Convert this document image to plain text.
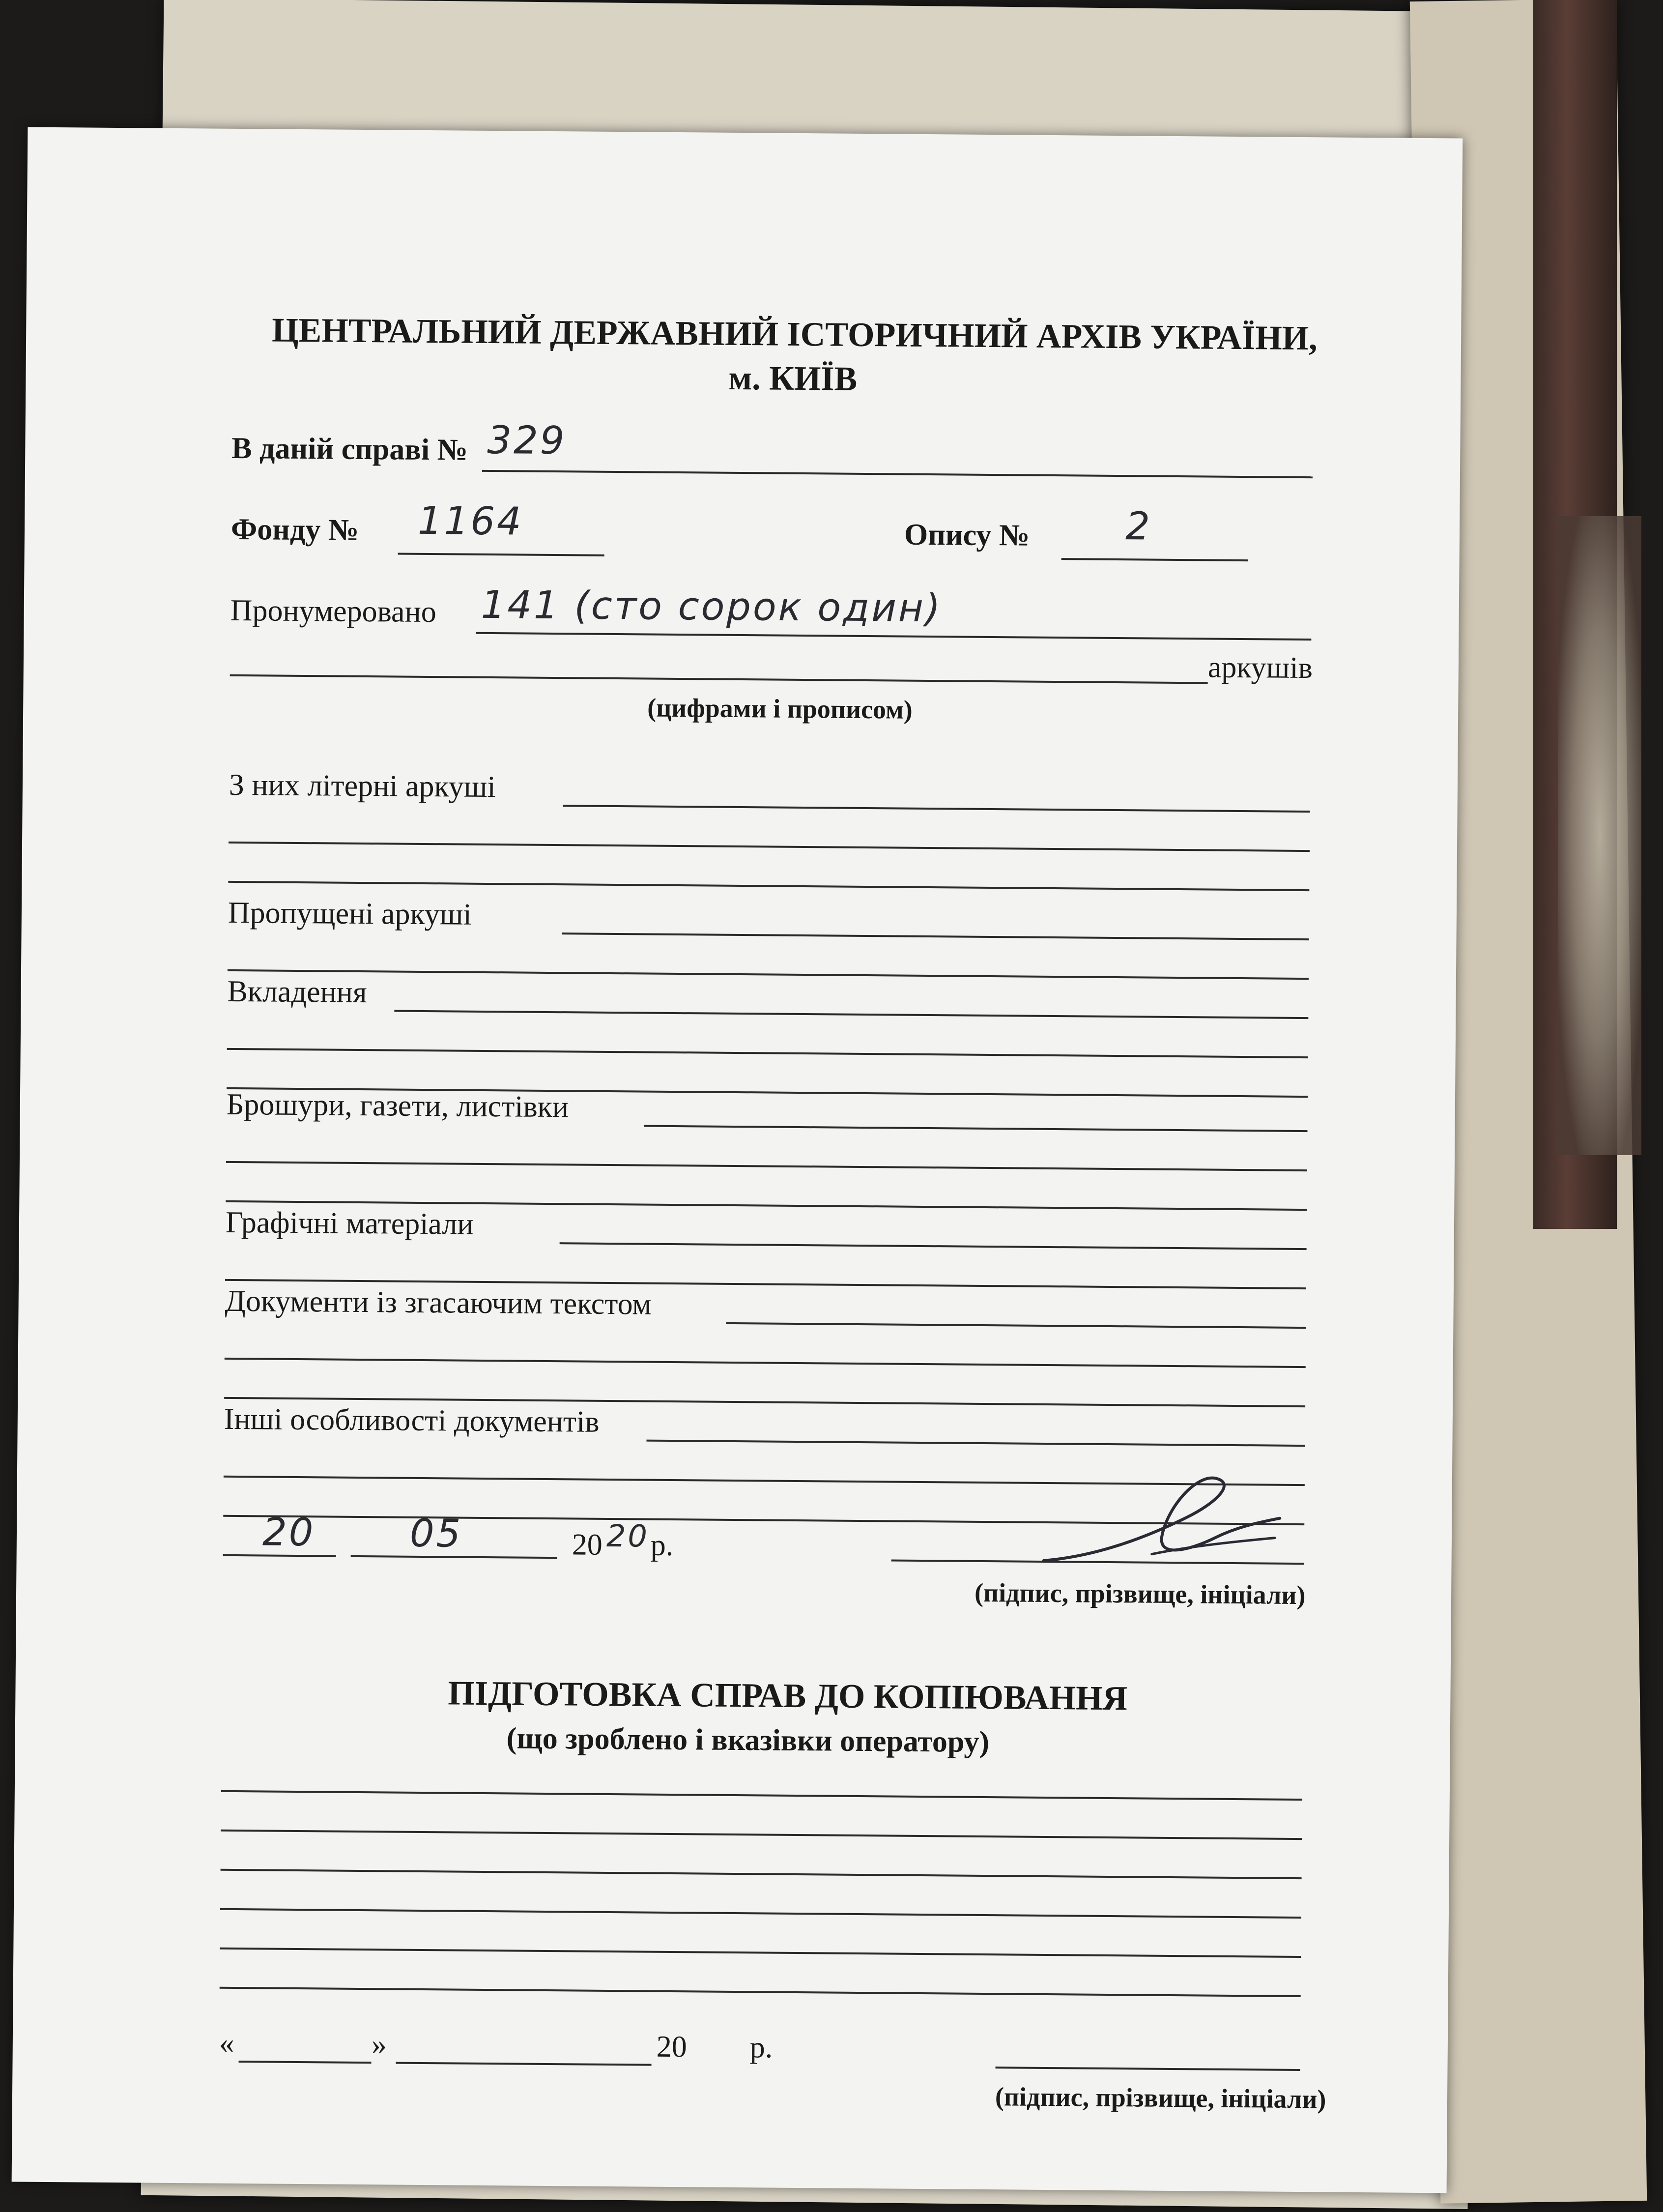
ЦЕНТРАЛЬНИЙ ДЕРЖАВНИЙ ІСТОРИЧНИЙ АРХІВ УКРАЇНИ,
м. КИЇВ
В даній справі № 329
Фонду № 1164	Опису № 2
Пронумеровано 141 (сто сорок один)
аркушів
(цифрами і прописом)
З них літерні аркуші
Пропущені аркуші
Вкладення
Брошури, газети, листівки
Графічні матеріали
Документи із згасаючим текстом
Інші особливості документів
20 05	20 20 р.
(підпис, прізвище, ініціали)
ПІДГОТОВКА СПРАВ ДО КОПІЮВАННЯ
(що зроблено і вказівки оператору)
«	»	20 р.
(підпис, прізвище, ініціали)
